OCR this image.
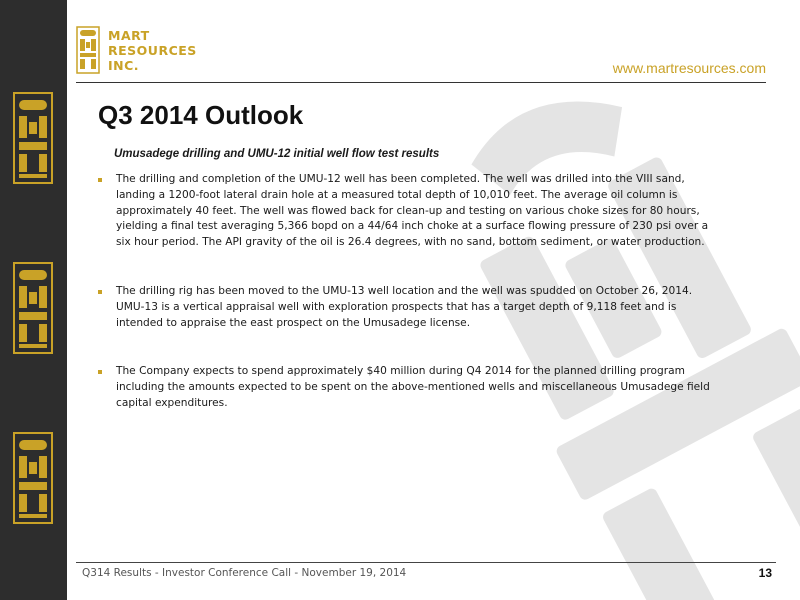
MART
RESOURCES
INC.	www.martresources.com
Q3 2014 Outlook
Umusadege drilling and UMU-12 initial well flow test results
The drilling and completion of the UMU-12 well has been completed. The well was drilled into the VIII sand, landing a 1200-foot lateral drain hole at a measured total depth of 10,010 feet. The average oil column is approximately 40 feet. The well was flowed back for clean-up and testing on various choke sizes for 80 hours, yielding a final test averaging 5,366 bopd on a 44/64 inch choke at a surface flowing pressure of 230 psi over a six hour period. The API gravity of the oil is 26.4 degrees, with no sand, bottom sediment, or water production.
The drilling rig has been moved to the UMU-13 well location and the well was spudded on October 26, 2014. UMU-13 is a vertical appraisal well with exploration prospects that has a target depth of 9,118 feet and is intended to appraise the east prospect on the Umusadege license.
The Company expects to spend approximately $40 million during Q4 2014 for the planned drilling program including the amounts expected to be spent on the above-mentioned wells and miscellaneous Umusadege field capital expenditures.
Q314 Results - Investor Conference Call - November 19, 2014	13
